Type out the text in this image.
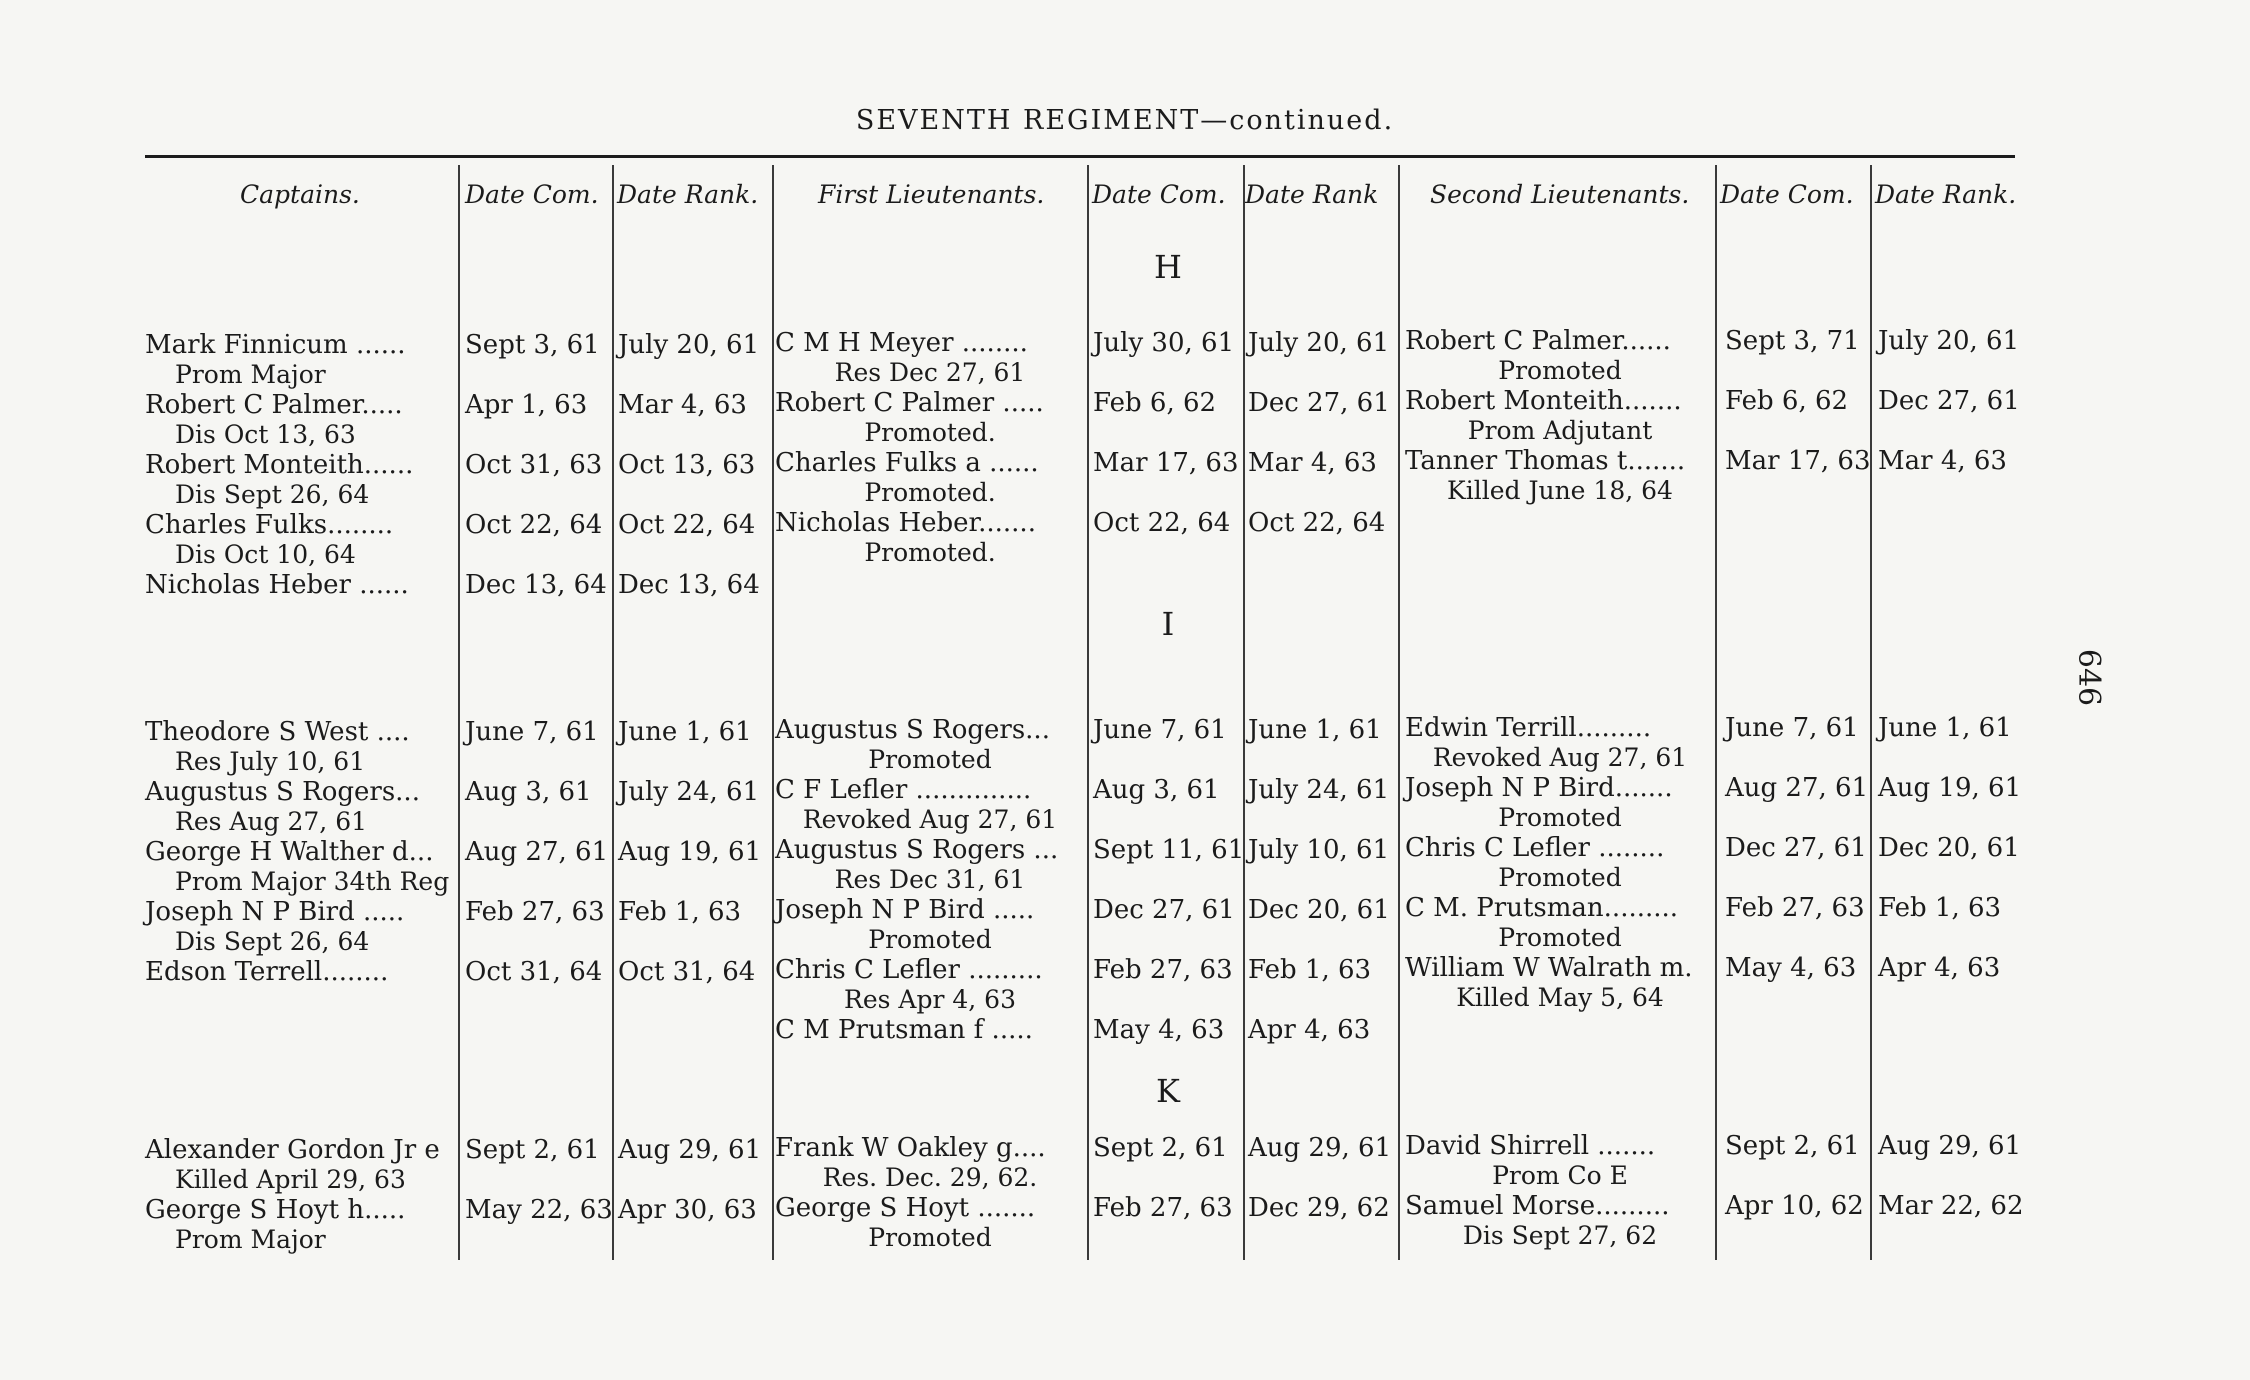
SEVENTH REGIMENT—continued.
Captains.	Date Com. Date Rank. First Lieutenants. Date Com. Date Rank Second Lieutenants. Date Com. Date Rank.
646
H
Mark Finnicum ......
Prom Major
Sept 3, 61 July 20, 61
Robert C Palmer.....
Dis Oct 13, 63
Apr 1, 63 Mar 4, 63
Robert Monteith......
Dis Sept 26, 64
Oct 31, 63 Oct 13, 63
Charles Fulks........
Dis Oct 10, 64
Oct 22, 64 Oct 22, 64
Nicholas Heber ...... Dec 13, 64 Dec 13, 64
C M H Meyer ........
Res Dec 27, 61
July 30, 61 July 20, 61
Robert C Palmer .....
Promoted.
Feb 6, 62 Dec 27, 61
Charles Fulks a ......
Promoted.
Mar 17, 63 Mar 4, 63
Nicholas Heber.......
Promoted.
Oct 22, 64 Oct 22, 64
Robert C Palmer......
Promoted
Sept 3, 71 July 20, 61
Robert Monteith.......
Prom Adjutant
Feb 6, 62 Dec 27, 61
Tanner Thomas t.......
Killed June 18, 64
Mar 17, 63 Mar 4, 63
I
Theodore S West ....
Res July 10, 61
June 7, 61 June 1, 61
Augustus S Rogers...
Res Aug 27, 61
Aug 3, 61 July 24, 61
George H Walther d...
Prom Major 34th Reg
Aug 27, 61 Aug 19, 61
Joseph N P Bird .....
Dis Sept 26, 64
Feb 27, 63 Feb 1, 63
Edson Terrell........	Oct 31, 64 Oct 31, 64
Augustus S Rogers...
Promoted
June 7, 61 June 1, 61
C F Lefler ..............
Revoked Aug 27, 61
Aug 3, 61 July 24, 61
Augustus S Rogers ...
Res Dec 31, 61
Sept 11, 61 July 10, 61
Joseph N P Bird .....
Promoted
Dec 27, 61 Dec 20, 61
Chris C Lefler .........
Res Apr 4, 63
Feb 27, 63 Feb 1, 63
C M Prutsman f ..... May 4, 63 Apr 4, 63
Edwin Terrill.........
Revoked Aug 27, 61
June 7, 61 June 1, 61
Joseph N P Bird.......
Promoted
Aug 27, 61 Aug 19, 61
Chris C Lefler ........
Promoted
Dec 27, 61 Dec 20, 61
C M. Prutsman.........
Promoted
Feb 27, 63 Feb 1, 63
William W Walrath m.
Killed May 5, 64
May 4, 63 Apr 4, 63
K
Alexander Gordon Jr e
Killed April 29, 63
Sept 2, 61 Aug 29, 61
George S Hoyt h.....
Prom Major
May 22, 63 Apr 30, 63
Frank W Oakley g....
Res. Dec. 29, 62.
Sept 2, 61 Aug 29, 61
George S Hoyt .......
Promoted
Feb 27, 63 Dec 29, 62
David Shirrell .......
Prom Co E
Sept 2, 61 Aug 29, 61
Samuel Morse.........
Dis Sept 27, 62
Apr 10, 62 Mar 22, 62
